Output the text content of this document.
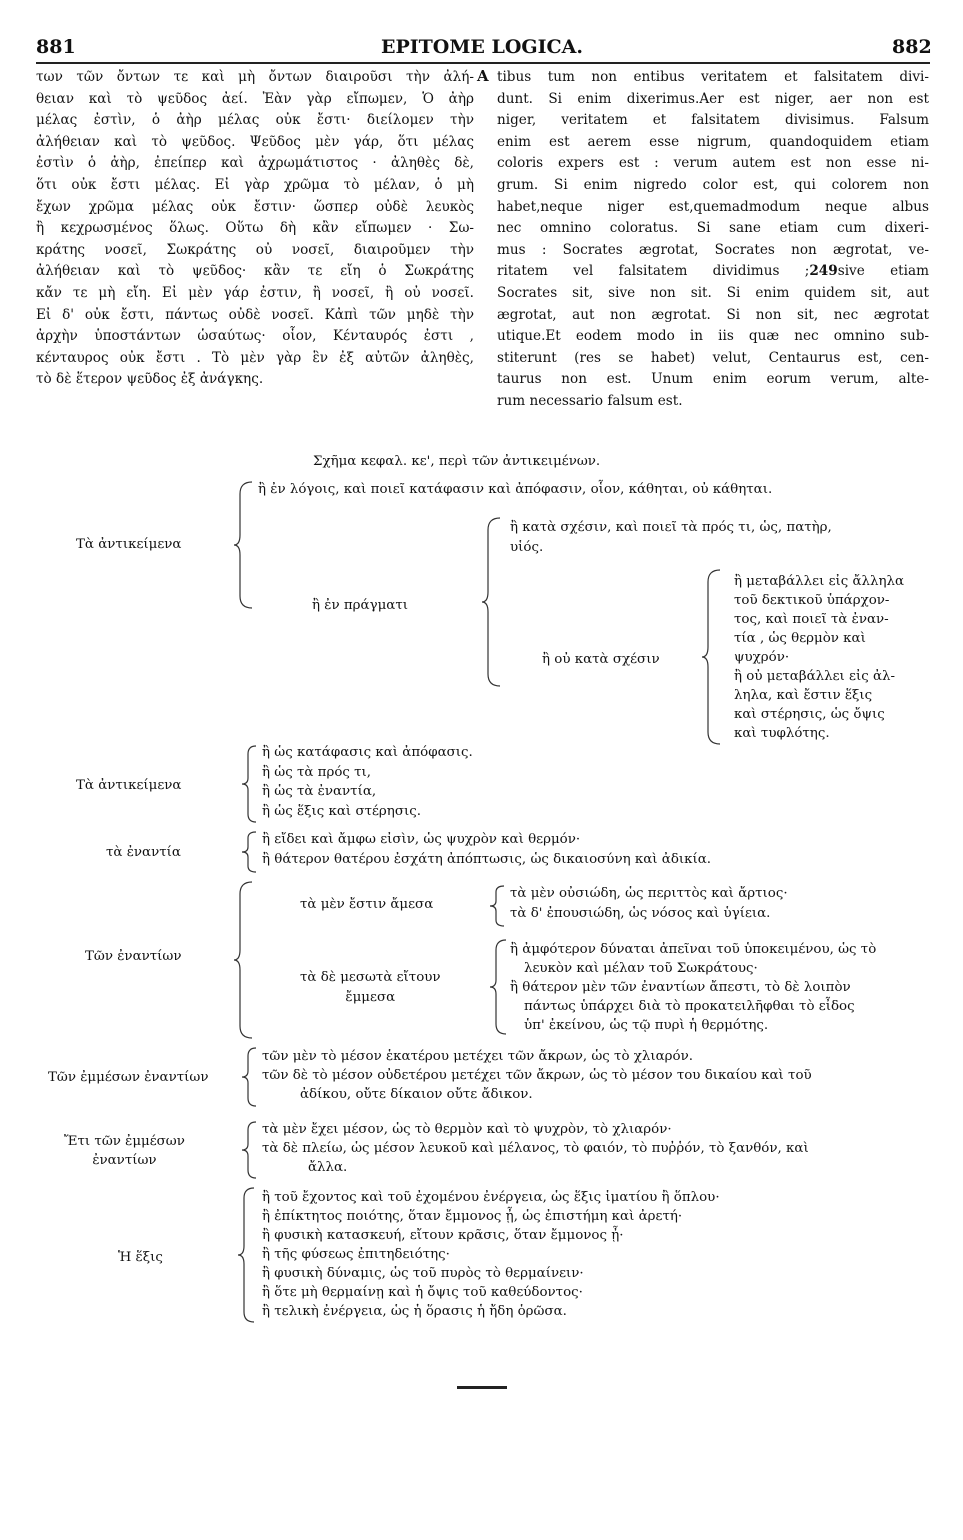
881	EPITOME LOGICA.	882
των τῶν ὄντων τε καὶ μὴ ὄντων διαιροῦσι τὴν ἀλή-
θειαν καὶ τὸ ψεῦδος ἀεί. Ἐὰν γὰρ εἴπωμεν, Ὁ ἀὴρ
μέλας ἐστὶν, ὁ ἀὴρ μέλας οὐκ ἔστι· διείλομεν τὴν
ἀλήθειαν καὶ τὸ ψεῦδος. Ψεῦδος μὲν γάρ, ὅτι μέλας
ἐστὶν ὁ ἀὴρ, ἐπείπερ καὶ ἀχρωμάτιστος · ἀληθὲς δὲ,
ὅτι οὐκ ἔστι μέλας. Εἰ γὰρ χρῶμα τὸ μέλαν, ὁ μὴ
ἔχων χρῶμα μέλας οὐκ ἔστιν· ὥσπερ οὐδὲ λευκὸς
ἢ κεχρωσμένος ὅλως. Οὕτω δὴ κἂν εἴπωμεν · Σω-
κράτης νοσεῖ, Σωκράτης οὐ νοσεῖ, διαιροῦμεν τὴν
ἀλήθειαν καὶ τὸ ψεῦδος· κἂν τε εἴη ὁ Σωκράτης
κἄν τε μὴ εἴη. Εἰ μὲν γάρ ἐστιν, ἢ νοσεῖ, ἢ οὐ νοσεῖ.
Εἰ δ' οὐκ ἔστι, πάντως οὐδὲ νοσεῖ. Κἀπὶ τῶν μηδὲ τὴν
ἀρχὴν ὑποστάντων ὡσαύτως· οἷον, Κένταυρός ἐστι ,
κένταυρος οὐκ ἔστι . Τὸ μὲν γὰρ ἓν ἐξ αὐτῶν ἀληθὲς,
τὸ δὲ ἕτερον ψεῦδος ἐξ ἀνάγκης.
A tibus tum non entibus veritatem et falsitatem divi-
dunt. Si enim dixerimus.Aer est niger, aer non est
niger, veritatem et falsitatem divisimus. Falsum
enim est aerem esse nigrum, quandoquidem etiam
coloris expers est : verum autem est non esse ni-
grum. Si enim nigredo color est, qui colorem non
habet,neque niger est,quemadmodum neque albus
nec omnino coloratus. Si sane etiam cum dixeri-
mus : Socrates ægrotat, Socrates non ægrotat, ve-
ritatem vel falsitatem dividimus ;249sive etiam
Socrates sit, sive non sit. Si enim quidem sit, aut
ægrotat, aut non ægrotat. Si non sit, nec ægrotat
utique.Et eodem modo in iis quæ nec omnino sub-
stiterunt (res se habet) velut, Centaurus est, cen-
taurus non est. Unum enim eorum verum, alte-
rum necessario falsum est.
Σχῆμα κεφαλ. κε', περὶ τῶν ἀντικειμένων.
Τὰ ἀντικείμενα
ἢ ἐν λόγοις, καὶ ποιεῖ κατάφασιν καὶ ἀπόφασιν, οἷον, κάθηται, οὐ κάθηται.
ἢ ἐν πράγματι
ἢ κατὰ σχέσιν, καὶ ποιεῖ τὰ πρός τι, ὡς, πατὴρ,
υἱός.
ἢ οὐ κατὰ σχέσιν
ἢ μεταβάλλει εἰς ἄλληλα
τοῦ δεκτικοῦ ὑπάρχον-
τος, καὶ ποιεῖ τὰ ἐναν-
τία , ὡς θερμὸν καὶ
ψυχρόν·
ἢ οὐ μεταβάλλει εἰς ἀλ-
ληλα, καὶ ἔστιν ἕξις
καὶ στέρησις, ὡς ὄψις
καὶ τυφλότης.
Τὰ ἀντικείμενα
ἢ ὡς κατάφασις καὶ ἀπόφασις.
ἢ ὡς τὰ πρός τι,
ἢ ὡς τὰ ἐναντία,
ἢ ὡς ἕξις καὶ στέρησις.
τὰ ἐναντία
ἢ εἴδει καὶ ἄμφω εἰσὶν, ὡς ψυχρὸν καὶ θερμόν·
ἢ θάτερον θατέρου ἐσχάτη ἀπόπτωσις, ὡς δικαιοσύνη καὶ ἀδικία.
Τῶν ἐναντίων
τὰ μὲν ἔστιν ἄμεσα
τὰ μὲν οὐσιώδη, ὡς περιττὸς καὶ ἄρτιος·
τὰ δ' ἐπουσιώδη, ὡς νόσος καὶ ὑγίεια.
τὰ δὲ μεσωτὰ εἴτουν
ἔμμεσα
ἢ ἀμφότερον δύναται ἀπεῖναι τοῦ ὑποκειμένου, ὡς τὸ
λευκὸν καὶ μέλαν τοῦ Σωκράτους·
ἢ θάτερον μὲν τῶν ἐναντίων ἄπεστι, τὸ δὲ λοιπὸν
πάντως ὑπάρχει διὰ τὸ προκατειλῆφθαι τὸ εἶδος
ὑπ' ἐκείνου, ὡς τῷ πυρὶ ἡ θερμότης.
Τῶν ἐμμέσων ἐναντίων
τῶν μὲν τὸ μέσον ἑκατέρου μετέχει τῶν ἄκρων, ὡς τὸ χλιαρόν.
τῶν δὲ τὸ μέσον οὐδετέρου μετέχει τῶν ἄκρων, ὡς τὸ μέσον του δικαίου καὶ τοῦ
ἀδίκου, οὔτε δίκαιον οὔτε ἄδικον.
Ἔτι τῶν ἐμμέσων
ἐναντίων
τὰ μὲν ἔχει μέσον, ὡς τὸ θερμὸν καὶ τὸ ψυχρὸν, τὸ χλιαρόν·
τὰ δὲ πλείω, ὡς μέσον λευκοῦ καὶ μέλανος, τὸ φαιόν, τὸ πυῤῥόν, τὸ ξανθόν, καὶ
ἄλλα.
Ἡ ἕξις
ἢ τοῦ ἔχοντος καὶ τοῦ ἐχομένου ἐνέργεια, ὡς ἕξις ἱματίου ἢ ὅπλου·
ἢ ἐπίκτητος ποιότης, ὅταν ἔμμονος ᾖ, ὡς ἐπιστήμη καὶ ἀρετή·
ἢ φυσικὴ κατασκευή, εἴτουν κρᾶσις, ὅταν ἔμμονος ᾖ·
ἢ τῆς φύσεως ἐπιτηδειότης·
ἢ φυσικὴ δύναμις, ὡς τοῦ πυρὸς τὸ θερμαίνειν·
ἢ ὅτε μὴ θερμαίνῃ καὶ ἡ ὄψις τοῦ καθεύδοντος·
ἢ τελικὴ ἐνέργεια, ὡς ἡ ὅρασις ἡ ἤδη ὁρῶσα.
